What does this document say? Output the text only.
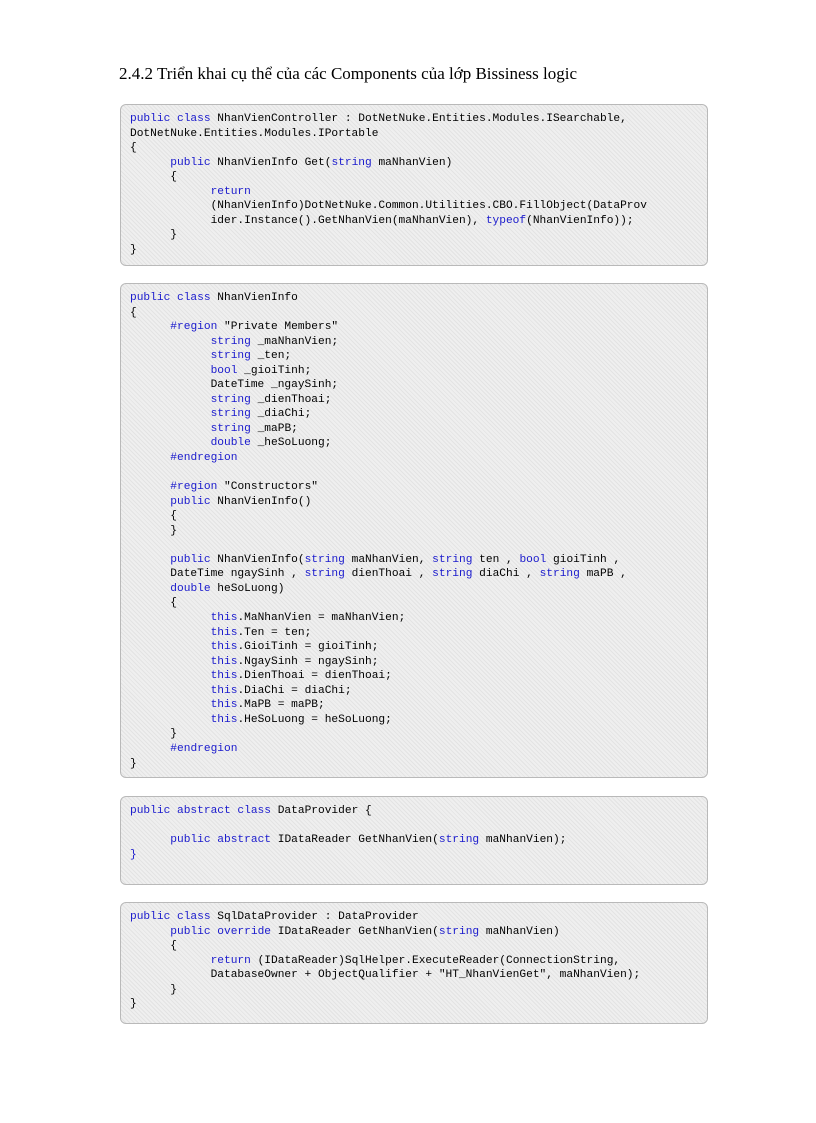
2.4.2 Triển khai cụ thể của các Components của lớp Bissiness logic
public class NhanVienController : DotNetNuke.Entities.Modules.ISearchable,
DotNetNuke.Entities.Modules.IPortable
{
public NhanVienInfo Get(string maNhanVien)
{
return
(NhanVienInfo)DotNetNuke.Common.Utilities.CBO.FillObject(DataProv
ider.Instance().GetNhanVien(maNhanVien), typeof(NhanVienInfo));
}
}
public class NhanVienInfo
{
#region "Private Members"
string _maNhanVien;
string _ten;
bool _gioiTinh;
DateTime _ngaySinh;
string _dienThoai;
string _diaChi;
string _maPB;
double _heSoLuong;
#endregion
#region "Constructors"
public NhanVienInfo()
{
}
public NhanVienInfo(string maNhanVien, string ten , bool gioiTinh ,
DateTime ngaySinh , string dienThoai , string diaChi , string maPB ,
double heSoLuong)
{
this.MaNhanVien = maNhanVien;
this.Ten = ten;
this.GioiTinh = gioiTinh;
this.NgaySinh = ngaySinh;
this.DienThoai = dienThoai;
this.DiaChi = diaChi;
this.MaPB = maPB;
this.HeSoLuong = heSoLuong;
}
#endregion
}
public abstract class DataProvider {
public abstract IDataReader GetNhanVien(string maNhanVien);
}
public class SqlDataProvider : DataProvider
public override IDataReader GetNhanVien(string maNhanVien)
{
return (IDataReader)SqlHelper.ExecuteReader(ConnectionString,
DatabaseOwner + ObjectQualifier + "HT_NhanVienGet", maNhanVien);
}
}
